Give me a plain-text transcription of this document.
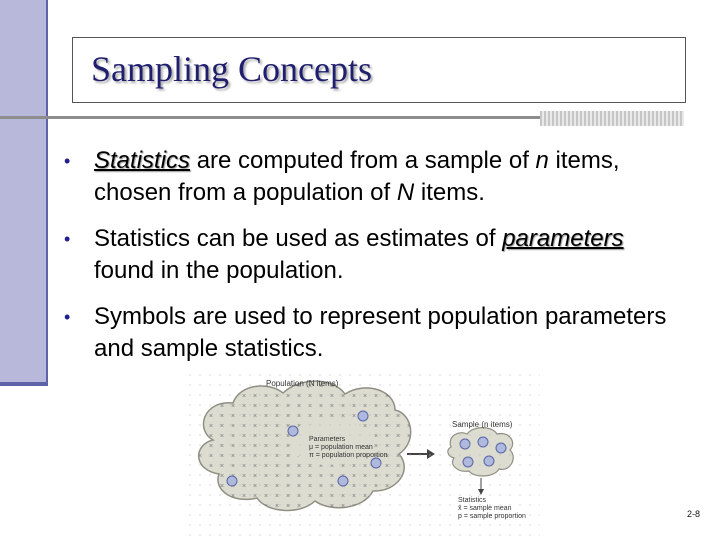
Sampling Concepts
• Statistics are computed from a sample of n items, chosen from a population of N items.
• Statistics can be used as estimates of parameters found in the population.
• Symbols are used to represent population parameters and sample statistics.
Population (N items)
Sample (n items)
Parameters
μ = population mean
π = population proportion
Statistics
x̄ = sample mean
p = sample proportion	2-8
